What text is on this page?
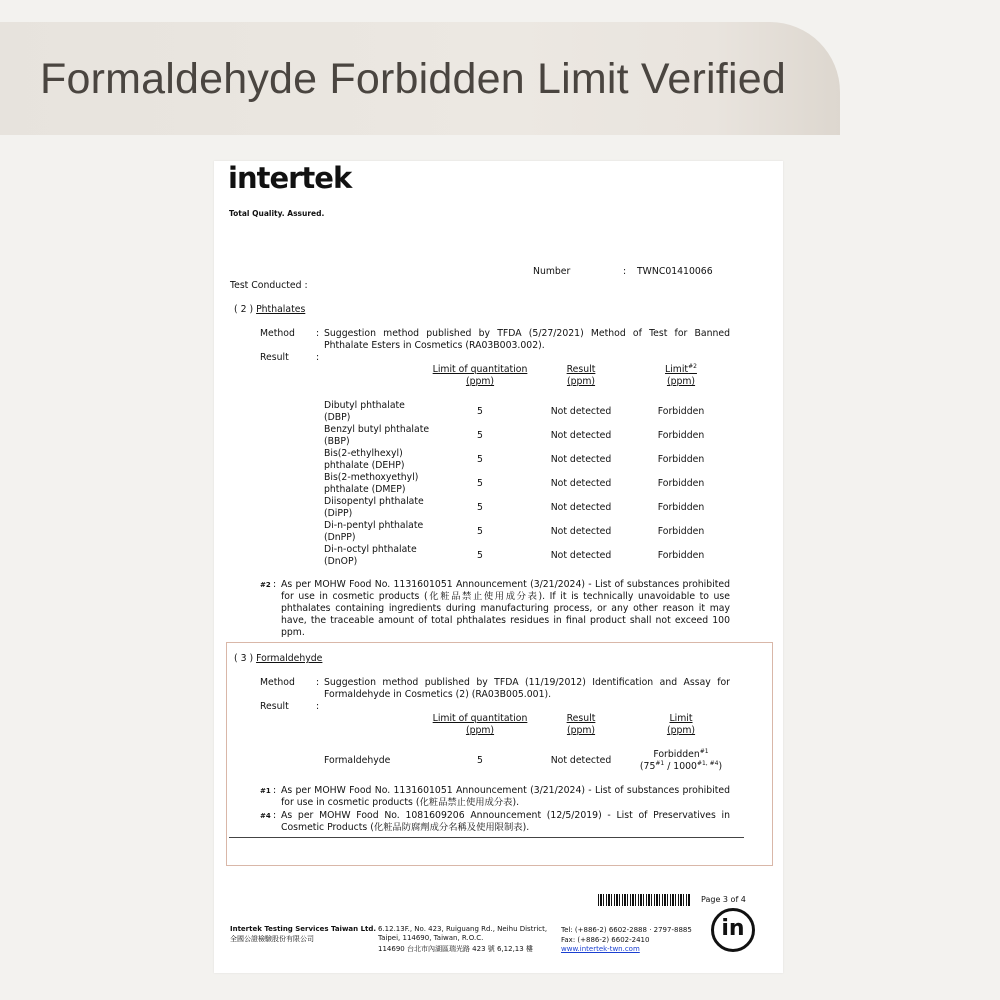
Formaldehyde Forbidden Limit Verified
intertek
Total Quality. Assured.
Number	: TWNC01410066
Test Conducted :
( 2 ) Phthalates
Method : Suggestion method published by TFDA (5/27/2021) Method of Test for Banned Phthalate Esters in Cosmetics (RA03B003.002).
Result	:
Limit of quantitation
(ppm)
Result
(ppm)
Limit$^{\#2}$
(ppm)
Dibutyl phthalate
(DBP)
5	Not detected	Forbidden
Benzyl butyl phthalate
(BBP)
5	Not detected	Forbidden
Bis(2-ethylhexyl)
phthalate (DEHP)
5	Not detected	Forbidden
Bis(2-methoxyethyl)
phthalate (DMEP)
5	Not detected	Forbidden
Diisopentyl phthalate
(DiPP)
5	Not detected	Forbidden
Di-n-pentyl phthalate
(DnPP)
5	Not detected	Forbidden
Di-n-octyl phthalate
(DnOP)
5	Not detected	Forbidden
#2 : As per MOHW Food No. 1131601051 Announcement (3/21/2024) - List of substances prohibited for use in cosmetic products (化粧品禁止使用成分表). If it is technically unavoidable to use phthalates containing ingredients during manufacturing process, or any other reason it may have, the traceable amount of total phthalates residues in final product shall not exceed 100 ppm.
( 3 ) Formaldehyde
Method : Suggestion method published by TFDA (11/19/2012) Identification and Assay for Formaldehyde in Cosmetics (2) (RA03B005.001).
Result	:
Limit of quantitation
(ppm)
Result
(ppm)
Limit
(ppm)
Formaldehyde	5	Not detected
Forbidden$^{\#1}$
$(75^{\#1} / 1000^{\#1, \#4})$
#1 : As per MOHW Food No. 1131601051 Announcement (3/21/2024) - List of substances prohibited for use in cosmetic products (化粧品禁止使用成分表).
#4 : As per MOHW Food No. 1081609206 Announcement (12/5/2019) - List of Preservatives in Cosmetic Products (化粧品防腐劑成分名稱及使用限制表).
Page 3 of 4
Intertek Testing Services Taiwan Ltd.
全國公證檢驗股份有限公司
6.12.13F., No. 423, Ruiguang Rd., Neihu District,
Taipei, 114690, Taiwan, R.O.C.
114690 台北市內湖區瑞光路 423 號 6,12,13 樓
Tel: (+886-2) 6602-2888 · 2797-8885
Fax: (+886-2) 6602-2410
www.intertek-twn.com
in
